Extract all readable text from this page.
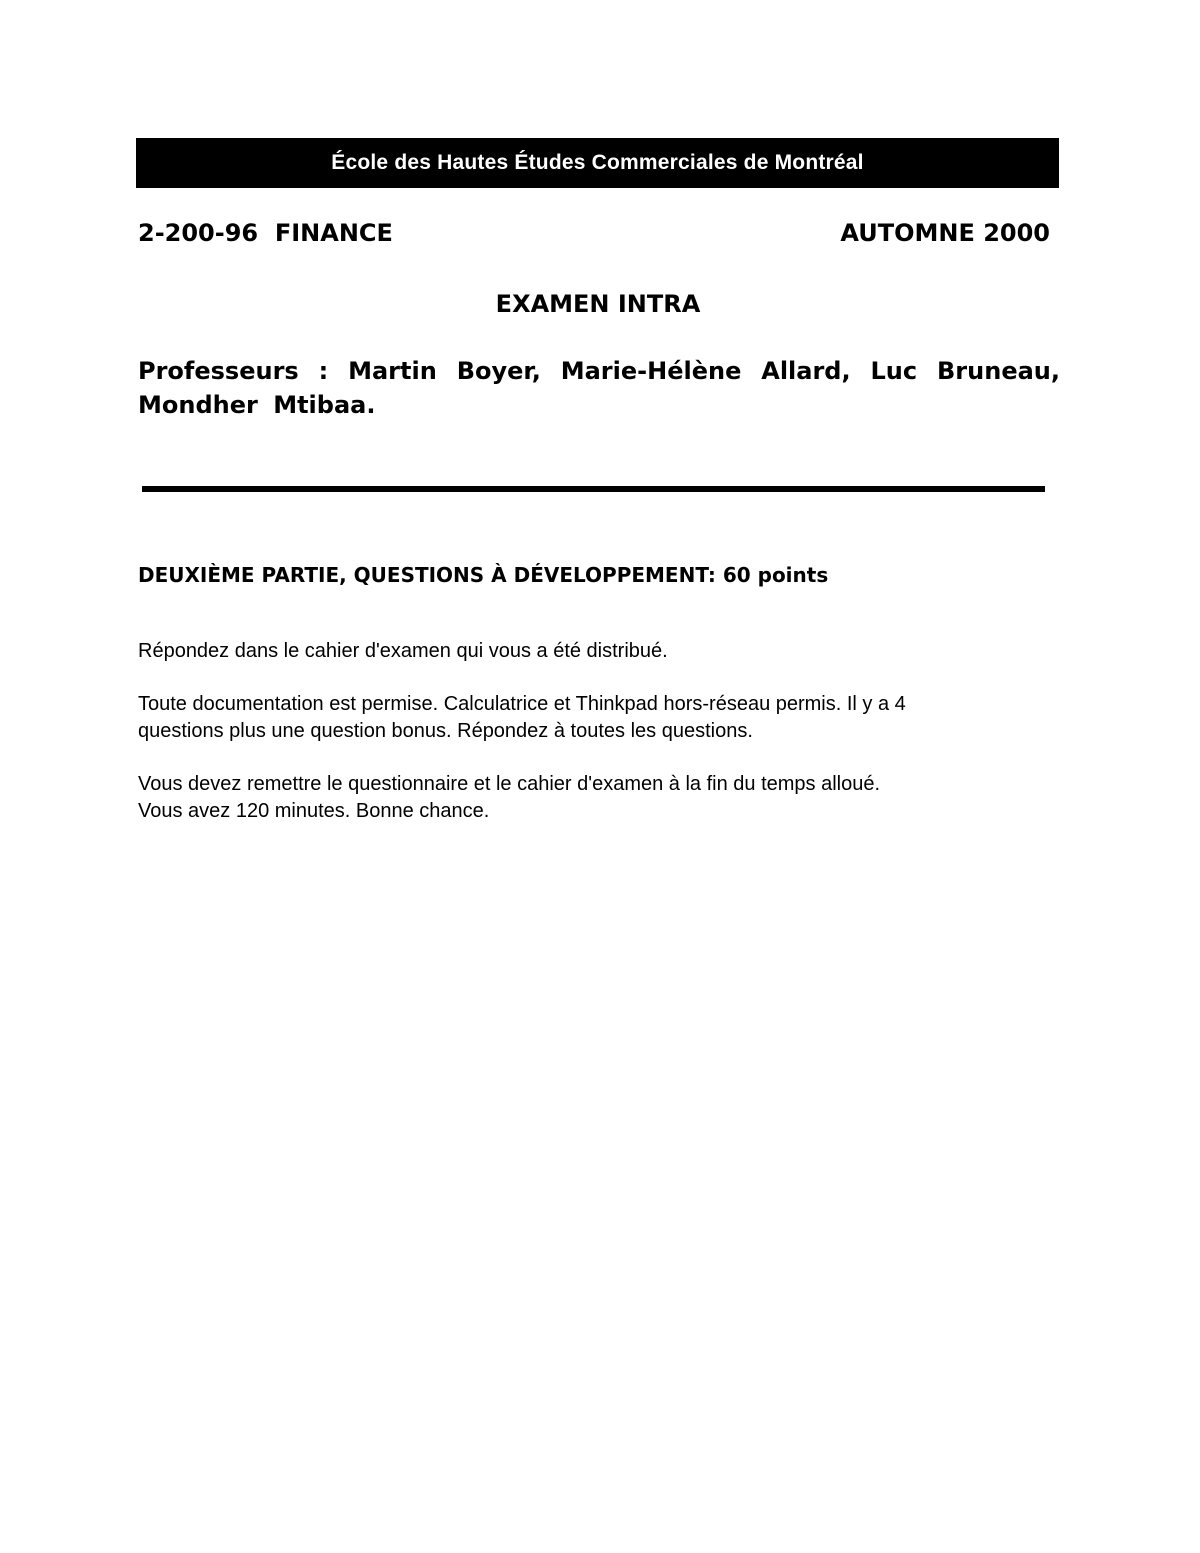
École des Hautes Études Commerciales de Montréal
2-200-96  FINANCE	AUTOMNE 2000
EXAMEN INTRA
Professeurs : Martin Boyer, Marie-Hélène Allard, Luc Bruneau, Mondher Mtibaa.
DEUXIÈME PARTIE, QUESTIONS À DÉVELOPPEMENT: 60 points
Répondez dans le cahier d'examen qui vous a été distribué.
Toute documentation est permise. Calculatrice et Thinkpad hors-réseau permis. Il y a 4
questions plus une question bonus. Répondez à toutes les questions.
Vous devez remettre le questionnaire et le cahier d'examen à la fin du temps alloué.
Vous avez 120 minutes. Bonne chance.
